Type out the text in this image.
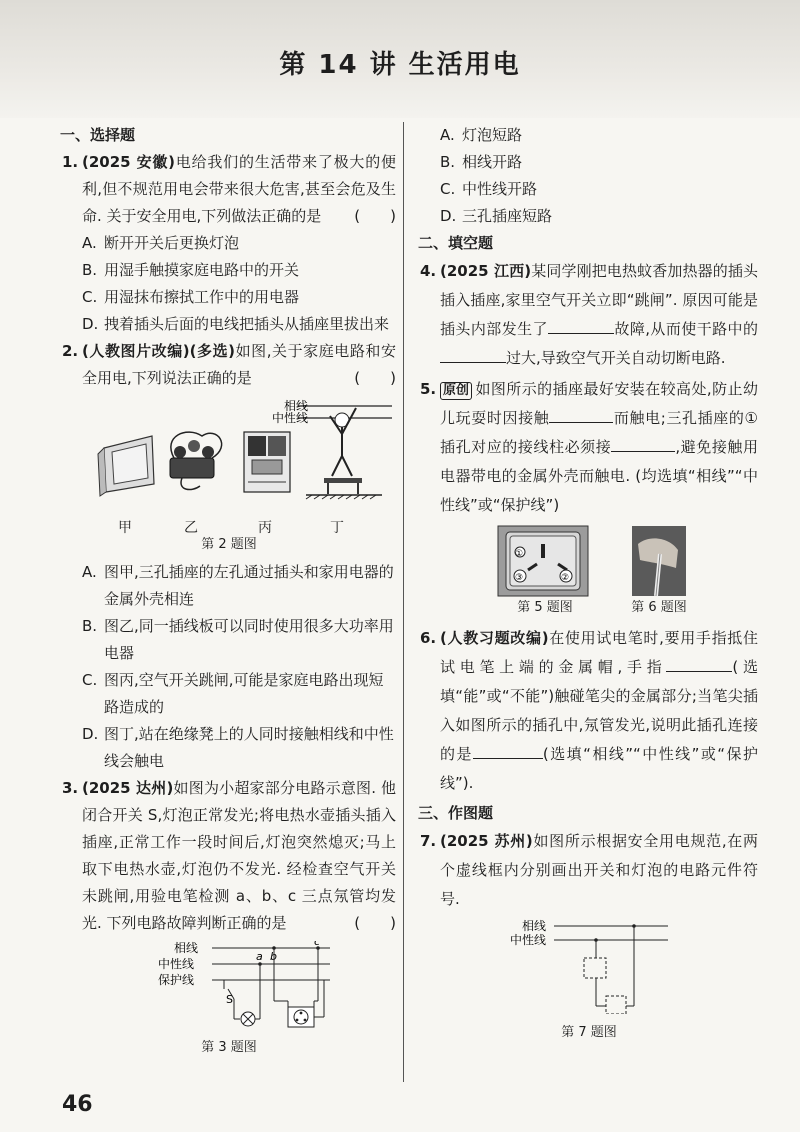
第 14 讲 生活用电
一、选择题
1. (2025 安徽)电给我们的生活带来了极大的便利,但不规范用电会带来很大危害,甚至会危及生命. 关于安全用电,下列做法正确的是 (　　)
A. 断开开关后更换灯泡
B. 用湿手触摸家庭电路中的开关
C. 用湿抹布擦拭工作中的用电器
D. 拽着插头后面的电线把插头从插座里拔出来
2. (人教图片改编)(多选)如图,关于家庭电路和安全用电,下列说法正确的是	(　　)
相线
中性线
甲	乙	丙	丁
第 2 题图
A. 图甲,三孔插座的左孔通过插头和家用电器的金属外壳相连
B. 图乙,同一插线板可以同时使用很多大功率用电器
C. 图丙,空气开关跳闸,可能是家庭电路出现短路造成的
D. 图丁,站在绝缘凳上的人同时接触相线和中性线会触电
3. (2025 达州)如图为小超家部分电路示意图. 他闭合开关 S,灯泡正常发光;将电热水壶插头插入插座,正常工作一段时间后,灯泡突然熄灭;马上取下电热水壶,灯泡仍不发光. 经检查空气开关未跳闸,用验电笔检测 a、b、c 三点氖管均发光. 下列电路故障判断正确的是	(　　)
相线
中性线
保护线
a b
c
S
第 3 题图
A. 灯泡短路
B. 相线开路
C. 中性线开路
D. 三孔插座短路
二、填空题
4. (2025 江西)某同学刚把电热蚊香加热器的插头插入插座,家里空气开关立即“跳闸”. 原因可能是插头内部发生了	故障,从而使干路中的过大,导致空气开关自动切断电路.
5. 原创 如图所示的插座最好安装在较高处,防止幼儿玩耍时因接触	而触电;三孔插座的①插孔对应的接线柱必须接	,避免接触用电器带电的金属外壳而触电. (均选填“相线”“中性线”或“保护线”)
①
②
③
第 5 题图	第 6 题图
6. (人教习题改编)在使用试电笔时,要用手指抵住试电笔上端的金属帽,手指	(选填“能”或“不能”)触碰笔尖的金属部分;当笔尖插入如图所示的插孔中,氖管发光,说明此插孔连接的是	(选填“相线”“中性线”或“保护线”).
三、作图题
7. (2025 苏州)如图所示根据安全用电规范,在两个虚线框内分别画出开关和灯泡的电路元件符号.
相线
中性线
第 7 题图
46
